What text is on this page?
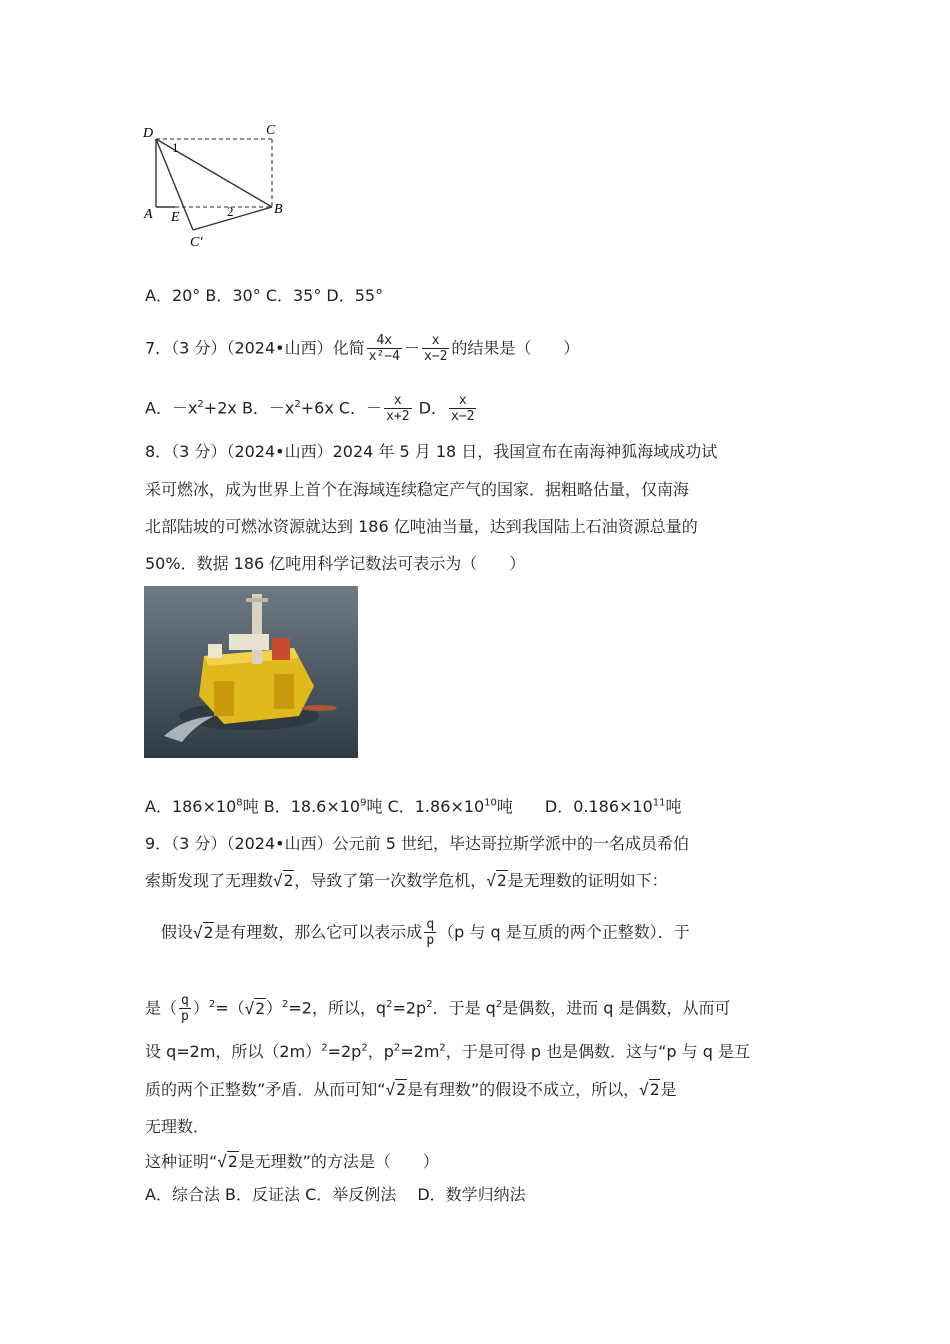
D	C
A E
B
C′
1
2
A．20° B．30° C．35° D．55°
7．（3 分）（2024•山西）化简 $\frac{4x}{\text{x²−4}} - \frac{x}{x-2}$ 的结果是（　　）
A．$-x^2+2x$ B．$-x^2+6x$ C．－ $\frac{x}{x+2}$ D． $\frac{x}{x-2}$
8．（3 分）（2024•山西）2024 年 5 月 18 日，我国宣布在南海神狐海域成功试
采可燃冰，成为世界上首个在海域连续稳定产气的国家．据粗略估量，仅南海
北部陆坡的可燃冰资源就达到 186 亿吨油当量，达到我国陆上石油资源总量的
50%．数据 186 亿吨用科学记数法可表示为（　　）
A．$186\times 10^8$吨 B．$18.6\times 10^9$吨 C．$1.86\times 10^{10}$吨　　D．$0.186\times 10^{11}$吨
9．（3 分）（2024•山西）公元前 5 世纪，毕达哥拉斯学派中的一名成员希伯
索斯发现了无理数√2，导致了第一次数学危机，√2是无理数的证明如下：
　假设√2是有理数，那么它可以表示成 $\frac{q}{p} (p$ 与 q 是互质的两个正整数）．于
是（ $\frac{q}{p} )^2=(√2)^2=2$，所以，$q^2=2p^2$．于是 $q^2$是偶数，进而 q 是偶数，从而可
设 q=2m，所以$(2m)^2=2p^2$，$p^2=2m^2$，于是可得 p 也是偶数．这与“p 与 q 是互
质的两个正整数”矛盾．从而可知“√2是有理数”的假设不成立，所以，√2是
无理数．
这种证明“√2是无理数”的方法是（　　）
A．综合法 B．反证法 C．举反例法　 D．数学归纳法
